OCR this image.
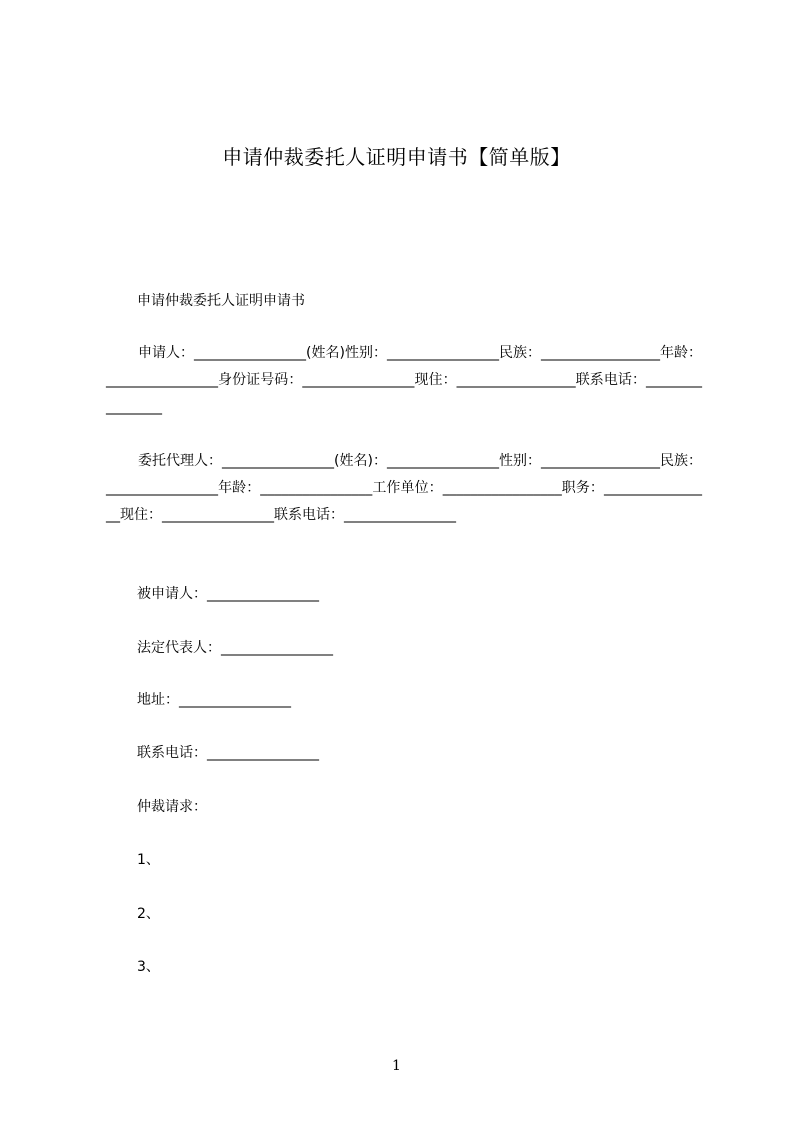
申请仲裁委托人证明申请书【简单版】
申请仲裁委托人证明申请书
申请人：________________(姓名)性别：________________民族：_________________年龄：________________身份证号码：________________现住：_________________联系电话：________________
委托代理人：________________(姓名)：________________性别：_________________民族：________________年龄：________________工作单位：_________________职务：________________现住：________________联系电话：________________
被申请人：________________
法定代表人：________________
地址：________________
联系电话：________________
仲裁请求：
1、
2、
3、
1
